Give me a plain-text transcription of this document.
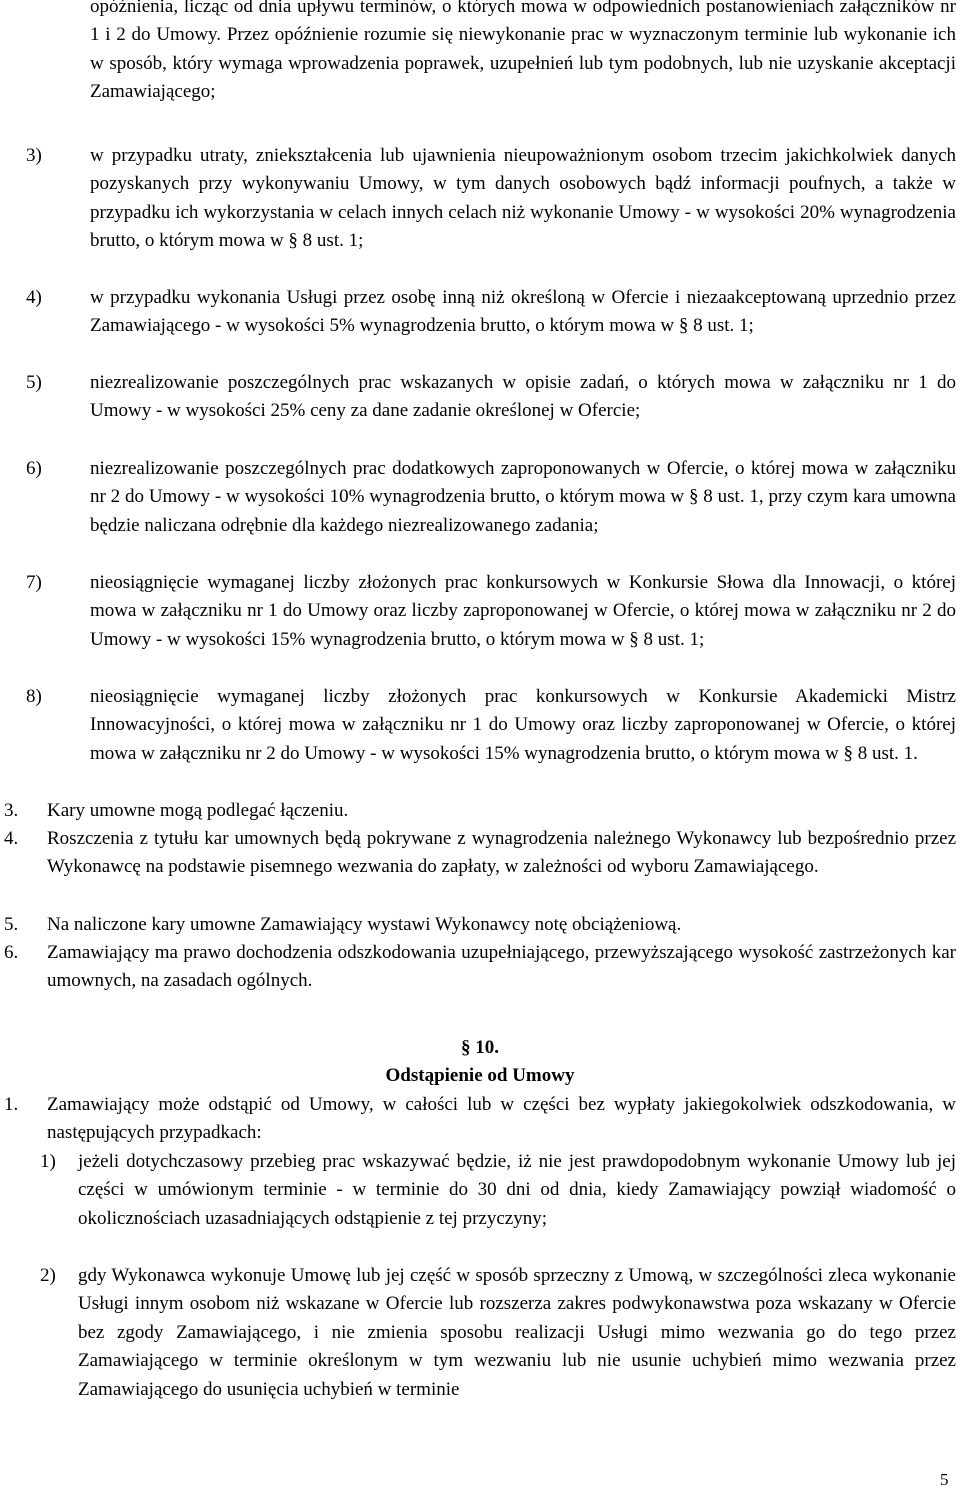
opóźnienia, licząc od dnia upływu terminów, o których mowa w odpowiednich postanowieniach załączników nr 1 i 2 do Umowy. Przez opóźnienie rozumie się niewykonanie prac w wyznaczonym terminie lub wykonanie ich w sposób, który wymaga wprowadzenia poprawek, uzupełnień lub tym podobnych, lub nie uzyskanie akceptacji Zamawiającego;
3)	w przypadku utraty, zniekształcenia lub ujawnienia nieupoważnionym osobom trzecim jakichkolwiek danych pozyskanych przy wykonywaniu Umowy, w tym danych osobowych bądź informacji poufnych, a także w przypadku ich wykorzystania w celach innych celach niż wykonanie Umowy - w wysokości 20% wynagrodzenia brutto, o którym mowa w § 8 ust. 1;
4)	w przypadku wykonania Usługi przez osobę inną niż określoną w Ofercie i niezaakceptowaną uprzednio przez Zamawiającego - w wysokości 5% wynagrodzenia brutto, o którym mowa w § 8 ust. 1;
5)	niezrealizowanie poszczególnych prac wskazanych w opisie zadań, o których mowa w załączniku nr 1 do Umowy - w wysokości 25% ceny za dane zadanie określonej w Ofercie;
6)	niezrealizowanie poszczególnych prac dodatkowych zaproponowanych w Ofercie, o której mowa w załączniku nr 2 do Umowy - w wysokości 10% wynagrodzenia brutto, o którym mowa w § 8 ust. 1, przy czym kara umowna będzie naliczana odrębnie dla każdego niezrealizowanego zadania;
7)	nieosiągnięcie wymaganej liczby złożonych prac konkursowych w Konkursie Słowa dla Innowacji, o której mowa w załączniku nr 1 do Umowy oraz liczby zaproponowanej w Ofercie, o której mowa w załączniku nr 2 do Umowy - w wysokości 15% wynagrodzenia brutto, o którym mowa w § 8 ust. 1;
8)	nieosiągnięcie wymaganej liczby złożonych prac konkursowych w Konkursie Akademicki Mistrz Innowacyjności, o której mowa w załączniku nr 1 do Umowy oraz liczby zaproponowanej w Ofercie, o której mowa w załączniku nr 2 do Umowy - w wysokości 15% wynagrodzenia brutto, o którym mowa w § 8 ust. 1.
3. Kary umowne mogą podlegać łączeniu.
4. Roszczenia z tytułu kar umownych będą pokrywane z wynagrodzenia należnego Wykonawcy lub bezpośrednio przez Wykonawcę na podstawie pisemnego wezwania do zapłaty, w zależności od wyboru Zamawiającego.
5. Na naliczone kary umowne Zamawiający wystawi Wykonawcy notę obciążeniową.
6. Zamawiający ma prawo dochodzenia odszkodowania uzupełniającego, przewyższającego wysokość zastrzeżonych kar umownych, na zasadach ogólnych.
§ 10.
Odstąpienie od Umowy
1. Zamawiający może odstąpić od Umowy, w całości lub w części bez wypłaty jakiegokolwiek odszkodowania, w następujących przypadkach:
1) jeżeli dotychczasowy przebieg prac wskazywać będzie, iż nie jest prawdopodobnym wykonanie Umowy lub jej części w umówionym terminie - w terminie do 30 dni od dnia, kiedy Zamawiający powziął wiadomość o okolicznościach uzasadniających odstąpienie z tej przyczyny;
2) gdy Wykonawca wykonuje Umowę lub jej część w sposób sprzeczny z Umową, w szczególności zleca wykonanie Usługi innym osobom niż wskazane w Ofercie lub rozszerza zakres podwykonawstwa poza wskazany w Ofercie bez zgody Zamawiającego, i nie zmienia sposobu realizacji Usługi mimo wezwania go do tego przez Zamawiającego w terminie określonym w tym wezwaniu lub nie usunie uchybień mimo wezwania przez Zamawiającego do usunięcia uchybień w terminie
5
